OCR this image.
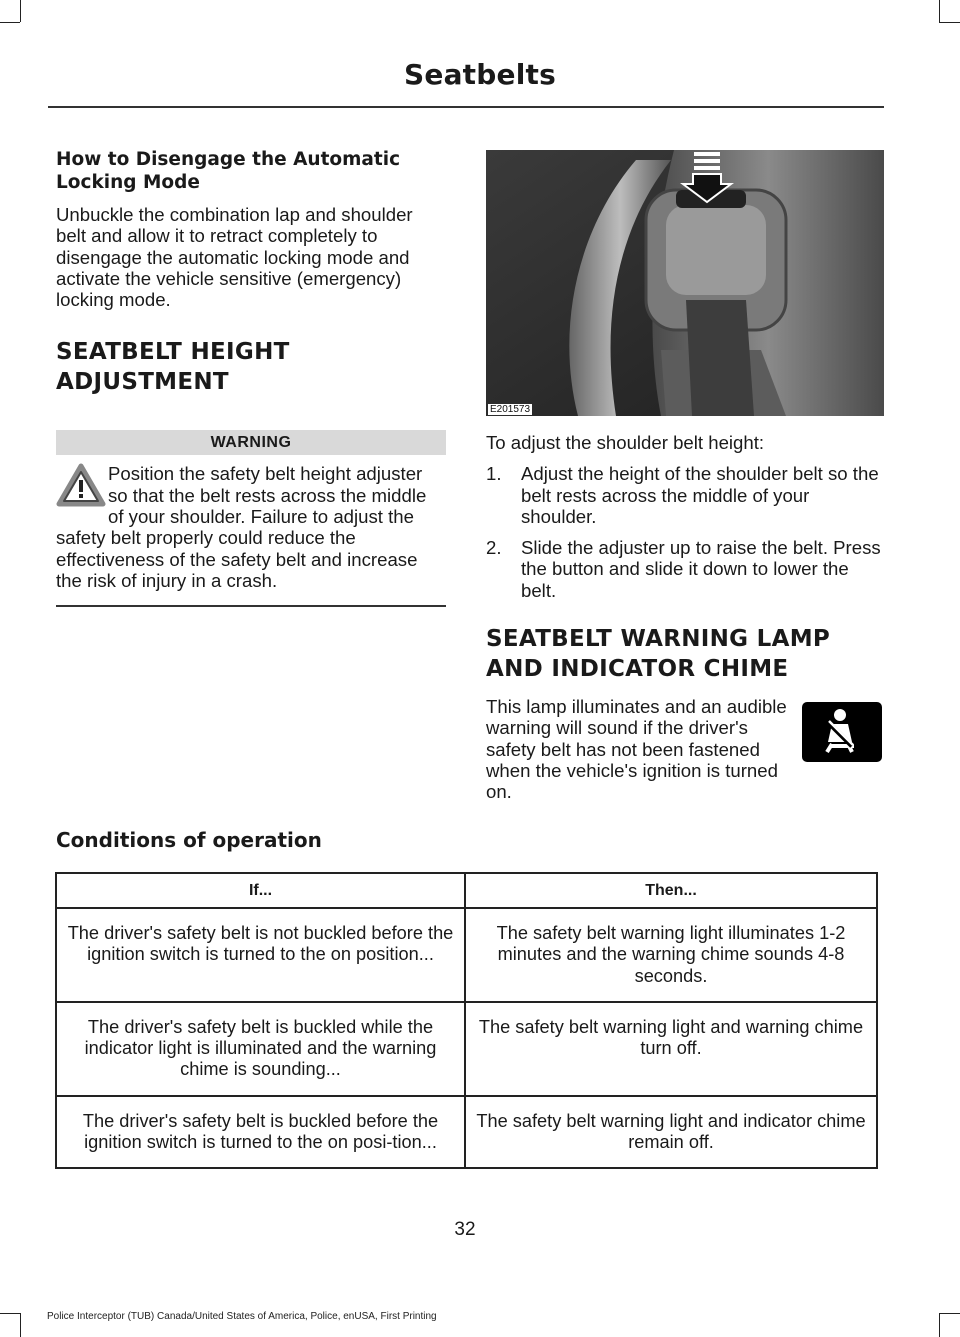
Seatbelts

How to Disengage the Automatic Locking Mode

Unbuckle the combination lap and shoulder belt and allow it to retract completely to disengage the automatic locking mode and activate the vehicle sensitive (emergency) locking mode.

SEATBELT HEIGHT
ADJUSTMENT
WARNING
Position the safety belt height adjuster so that the belt rests across the middle of your shoulder. Failure to adjust the safety belt properly could reduce the effectiveness of the safety belt and increase the risk of injury in a crash.
E201573

To adjust the shoulder belt height:

1. Adjust the height of the shoulder belt so the belt rests across the middle of your shoulder.
2. Slide the adjuster up to raise the belt. Press the button and slide it down to lower the belt.
SEATBELT WARNING LAMP
AND INDICATOR CHIME

This lamp illuminates and an audible warning will sound if the driver's safety belt has not been fastened when the vehicle's ignition is turned on.

Conditions of operation
If...	Then...
The driver's safety belt is not buckled before the ignition switch is turned to the on position...	The safety belt warning light illuminates 1-2 minutes and the warning chime sounds 4-8 seconds.
The driver's safety belt is buckled while the indicator light is illuminated and the warning chime is sounding...	The safety belt warning light and warning chime turn off.
The driver's safety belt is buckled before the ignition switch is turned to the on posi-tion...	The safety belt warning light and indicator chime remain off.
32
Police Interceptor (TUB) Canada/United States of America, Police, enUSA, First Printing
